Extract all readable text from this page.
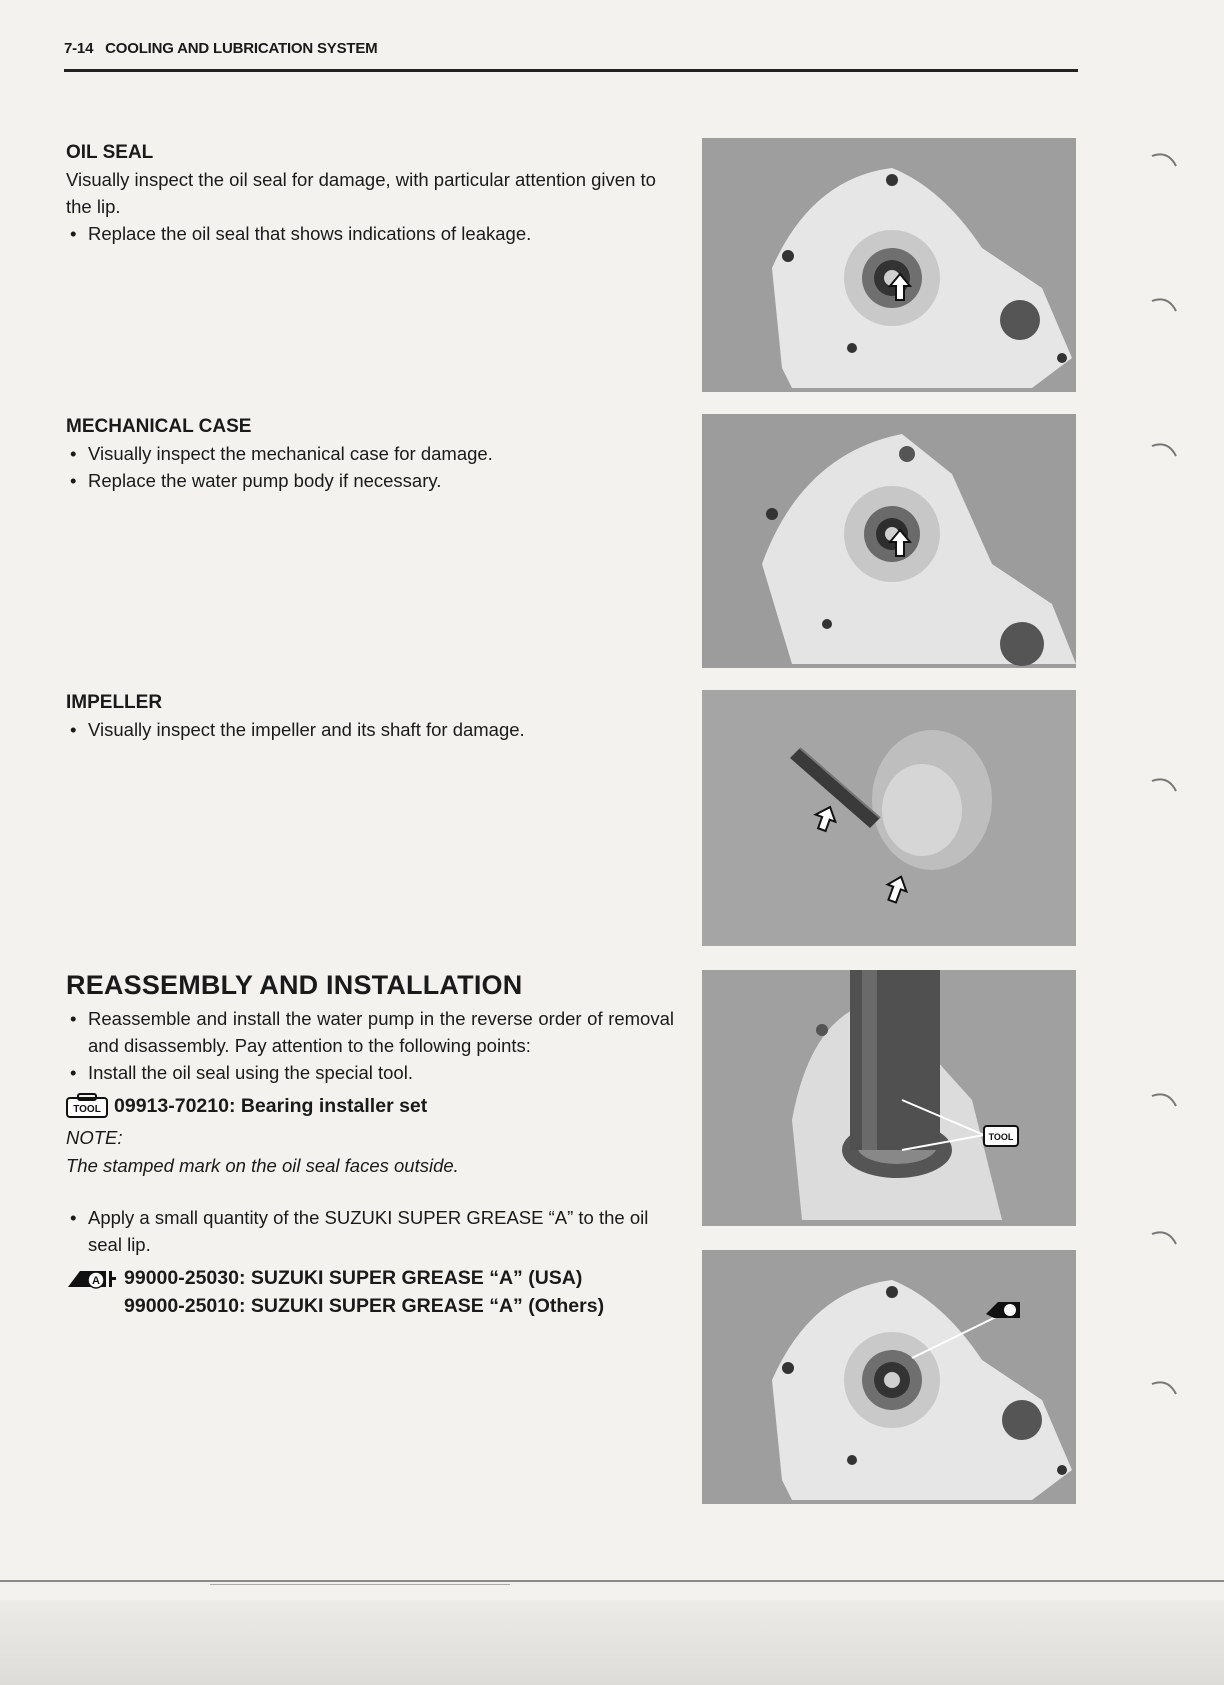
7-14 COOLING AND LUBRICATION SYSTEM
OIL SEAL

Visually inspect the oil seal for damage, with particular attention given to the lip.

• Replace the oil seal that shows indications of leakage.

MECHANICAL CASE

• Visually inspect the mechanical case for damage.

• Replace the water pump body if necessary.

IMPELLER

• Visually inspect the impeller and its shaft for damage.

REASSEMBLY AND INSTALLATION

• Reassemble and install the water pump in the reverse order of removal and disassembly. Pay attention to the following points:

• Install the oil seal using the special tool.

TOOL 09913-70210: Bearing installer set
NOTE:
The stamped mark on the oil seal faces outside.

• Apply a small quantity of the SUZUKI SUPER GREASE “A” to the oil seal lip.

A 99000-25030: SUZUKI SUPER GREASE “A” (USA)
99000-25010: SUZUKI SUPER GREASE “A” (Others)
TOOL
